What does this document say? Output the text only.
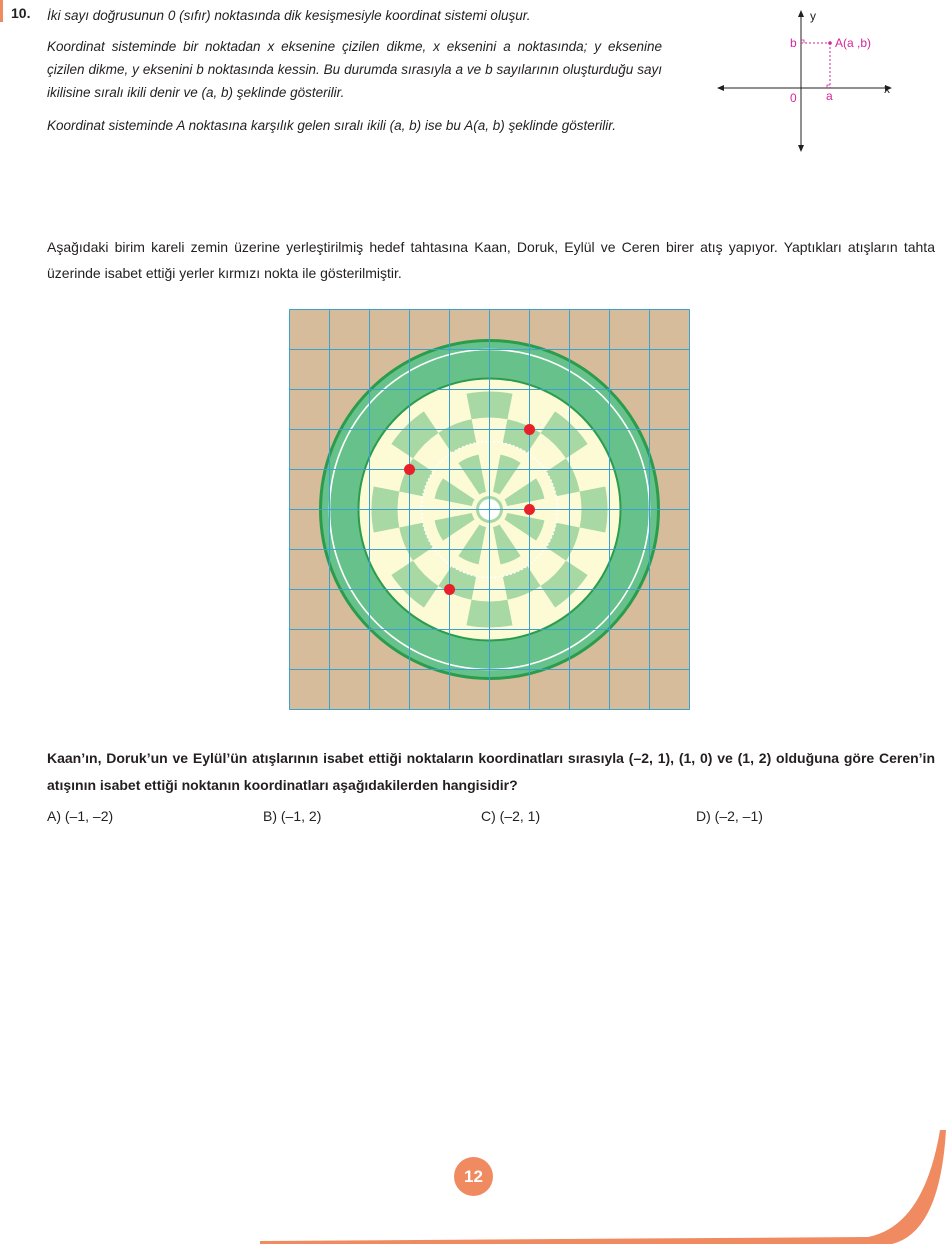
10. İki sayı doğrusunun 0 (sıfır) noktasında dik kesişmesiyle koordinat sistemi oluşur.

Koordinat sisteminde bir noktadan x eksenine çizilen dikme, x eksenini a noktasında; y eksenine çizilen dikme, y eksenini b noktasında kessin. Bu durumda sırasıyla a ve b sayılarının oluşturduğu sayı ikilisine sıralı ikili denir ve (a, b) şeklinde gösterilir.

Koordinat sisteminde A noktasına karşılık gelen sıralı ikili (a, b) ise bu A(a, b) şeklinde gösterilir.

y
x
0 a
b	A(a ,b)

Aşağıdaki birim kareli zemin üzerine yerleştirilmiş hedef tahtasına Kaan, Doruk, Eylül ve Ceren birer atış yapıyor. Yaptıkları atışların tahta üzerinde isabet ettiği yerler kırmızı nokta ile gösterilmiştir.

Kaan’ın, Doruk’un ve Eylül’ün atışlarının isabet ettiği noktaların koordinatları sırasıyla (–2, 1), (1, 0) ve (1, 2) olduğuna göre Ceren’in atışının isabet ettiği noktanın koordinatları aşağıdakilerden hangisidir?

A) (–1, –2)	B) (–1, 2)	C) (–2, 1)	D) (–2, –1)
12
